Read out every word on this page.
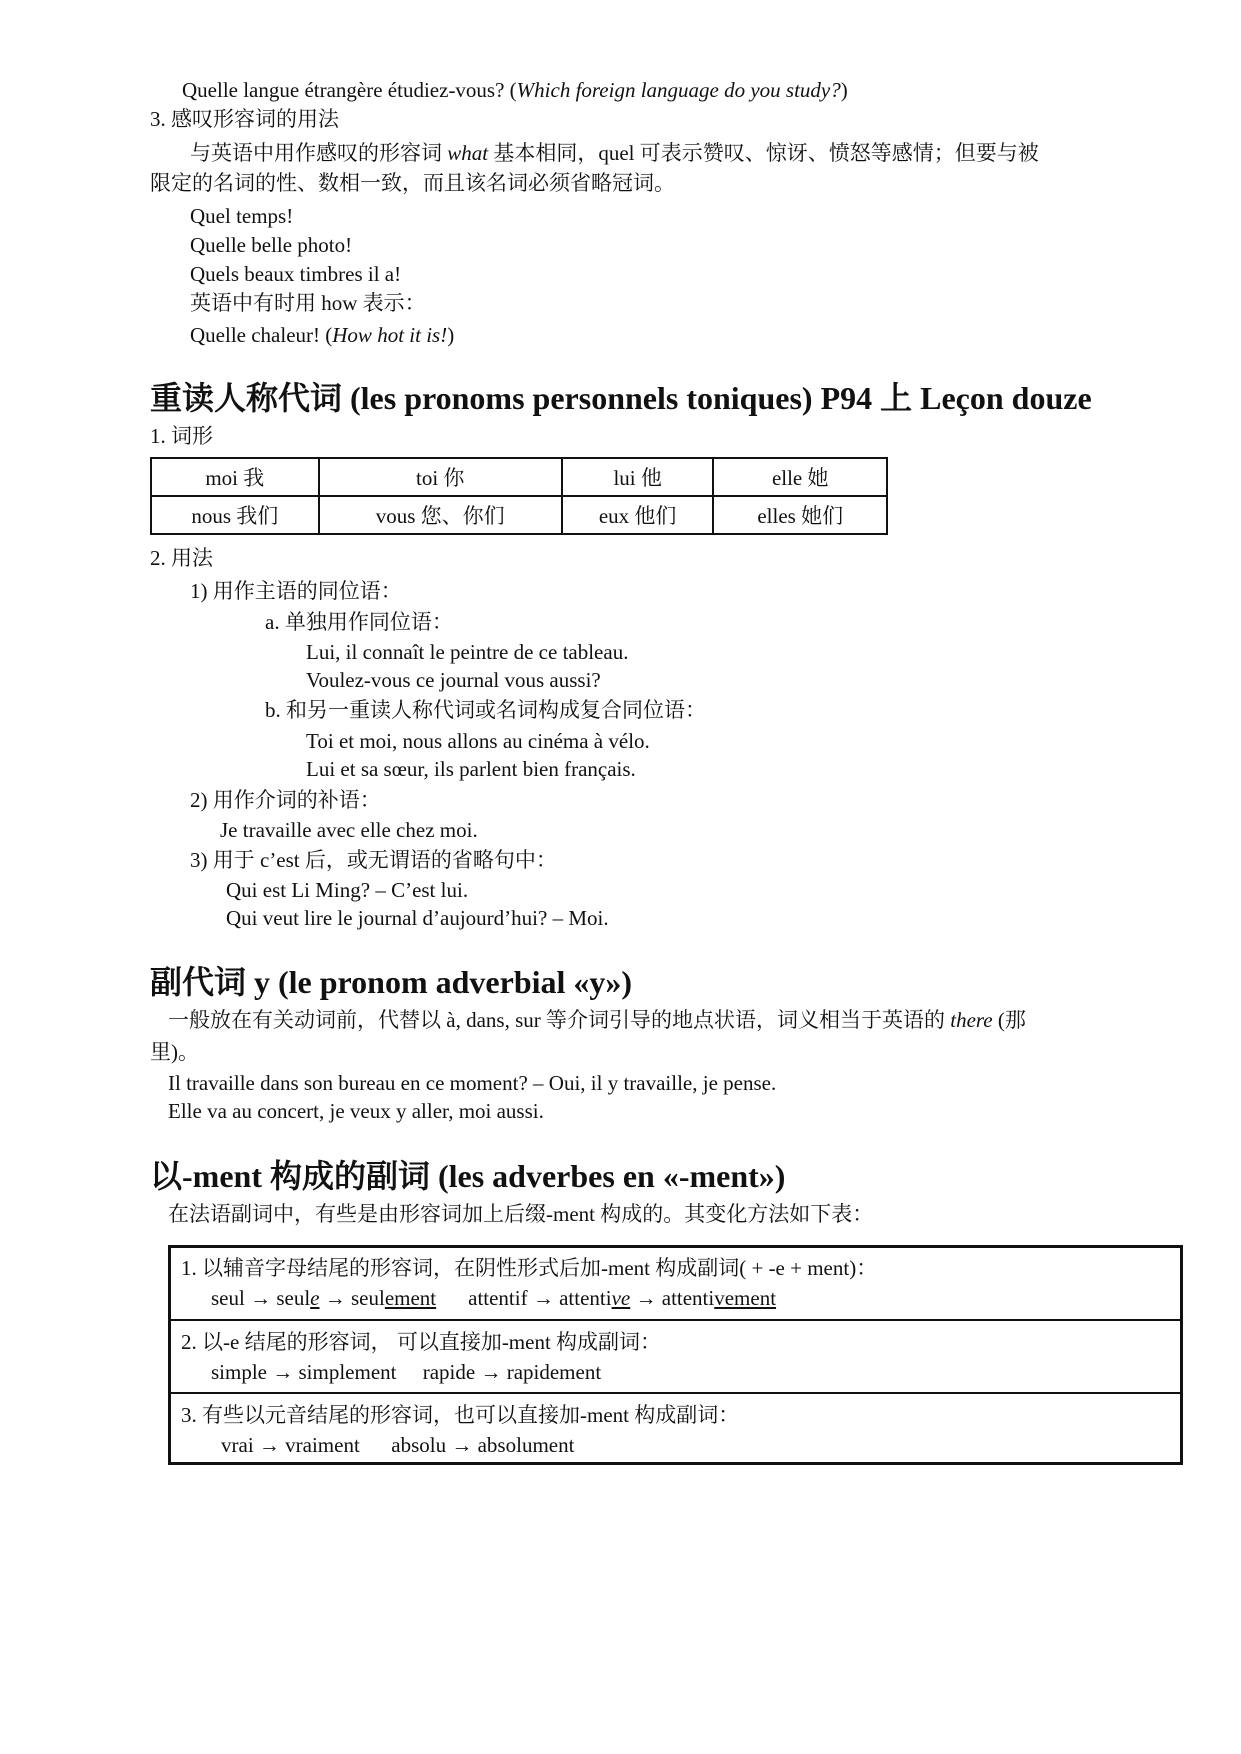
Quelle langue étrangère étudiez-vous? (Which foreign language do you study?)
3. 感叹形容词的用法
与英语中用作感叹的形容词 what 基本相同，quel 可表示赞叹、惊讶、愤怒等感情；但要与被
限定的名词的性、数相一致，而且该名词必须省略冠词。
Quel temps!
Quelle belle photo!
Quels beaux timbres il a!
英语中有时用 how 表示：
Quelle chaleur! (How hot it is!)
重读人称代词 (les pronoms personnels toniques) P94 上 Leçon douze
1. 词形
moi 我	toi 你	lui 他	elle 她
nous 我们	vous 您、你们	eux 他们	elles 她们
2. 用法
1) 用作主语的同位语：
a. 单独用作同位语：
Lui, il connaît le peintre de ce tableau.
Voulez-vous ce journal vous aussi?
b. 和另一重读人称代词或名词构成复合同位语：
Toi et moi, nous allons au cinéma à vélo.
Lui et sa sœur, ils parlent bien français.
2) 用作介词的补语：
Je travaille avec elle chez moi.
3) 用于 c’est 后，或无谓语的省略句中：
Qui est Li Ming? – C’est lui.
Qui veut lire le journal d’aujourd’hui? – Moi.
副代词 y (le pronom adverbial «y»)
一般放在有关动词前，代替以 à, dans, sur 等介词引导的地点状语，词义相当于英语的 there (那
里)。
Il travaille dans son bureau en ce moment? – Oui, il y travaille, je pense.
Elle va au concert, je veux y aller, moi aussi.
以-ment 构成的副词 (les adverbes en «-ment»)
在法语副词中，有些是由形容词加上后缀-ment 构成的。其变化方法如下表：
1. 以辅音字母结尾的形容词，在阴性形式后加-ment 构成副词( + -e + ment)：
seul → seule → seulement attentif → attentive → attentivement
2. 以-e 结尾的形容词， 可以直接加-ment 构成副词：
simple → simplement     rapide → rapidement
3. 有些以元音结尾的形容词，也可以直接加-ment 构成副词：
vrai → vraiment      absolu → absolument
